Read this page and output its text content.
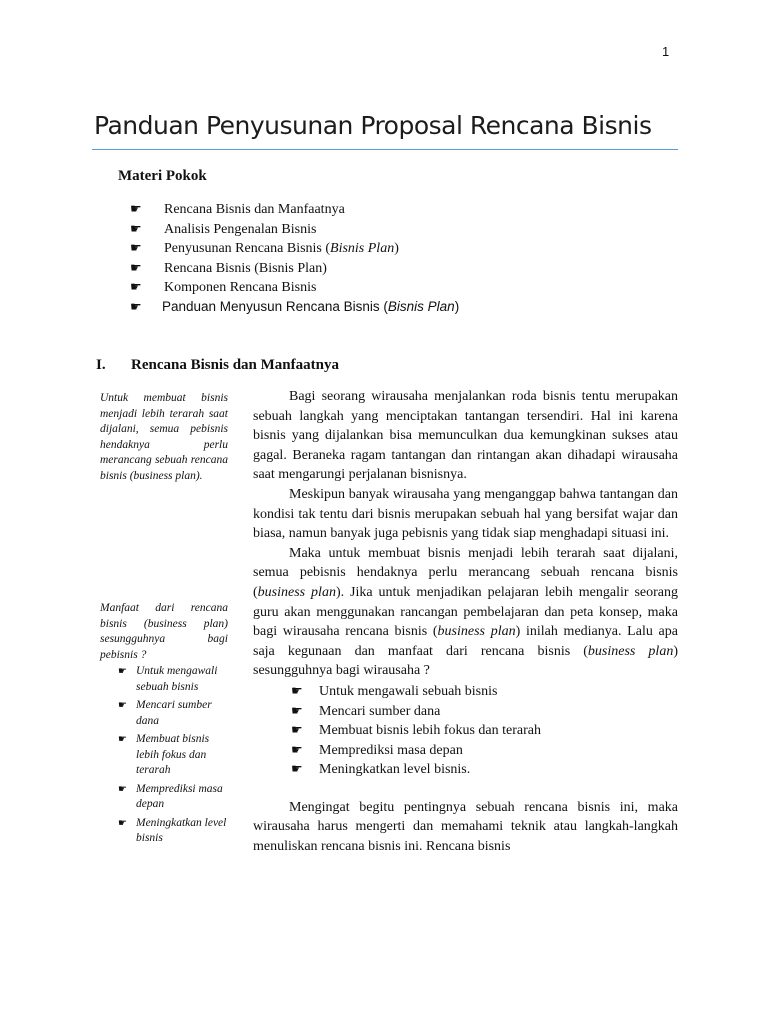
1
Panduan Penyusunan Proposal Rencana Bisnis
Materi Pokok
☛ Rencana Bisnis dan Manfaatnya
☛ Analisis Pengenalan Bisnis
☛ Penyusunan Rencana Bisnis (Bisnis Plan)
☛ Rencana Bisnis (Bisnis Plan)
☛ Komponen Rencana Bisnis
☛ Panduan Menyusun Rencana Bisnis (Bisnis Plan)
I. Rencana Bisnis dan Manfaatnya
Untuk membuat bisnis menjadi lebih terarah saat dijalani, semua pebisnis hendaknya perlu merancang sebuah rencana bisnis (business plan).
Manfaat dari rencana bisnis (business plan) sesungguhnya bagi pebisnis ?
☛ Untuk mengawali sebuah bisnis
☛ Mencari sumber dana
☛ Membuat bisnis lebih fokus dan terarah
☛ Memprediksi masa depan
☛ Meningkatkan level bisnis

Bagi seorang wirausaha menjalankan roda bisnis tentu merupakan sebuah langkah yang menciptakan tantangan tersendiri. Hal ini karena bisnis yang dijalankan bisa memunculkan dua kemungkinan sukses atau gagal. Beraneka ragam tantangan dan rintangan akan dihadapi wirausaha saat mengarungi perjalanan bisnisnya.

Meskipun banyak wirausaha yang menganggap bahwa tantangan dan kondisi tak tentu dari bisnis merupakan sebuah hal yang bersifat wajar dan biasa, namun banyak juga pebisnis yang tidak siap menghadapi situasi ini.

Maka untuk membuat bisnis menjadi lebih terarah saat dijalani, semua pebisnis hendaknya perlu merancang sebuah rencana bisnis (business plan). Jika untuk menjadikan pelajaran lebih mengalir seorang guru akan menggunakan rancangan pembelajaran dan peta konsep, maka bagi wirausaha rencana bisnis (business plan) inilah medianya. Lalu apa saja kegunaan dan manfaat dari rencana bisnis (business plan) sesungguhnya bagi wirausaha ?

☛ Untuk mengawali sebuah bisnis
☛ Mencari sumber dana
☛ Membuat bisnis lebih fokus dan terarah
☛ Memprediksi masa depan
☛ Meningkatkan level bisnis.

Mengingat begitu pentingnya sebuah rencana bisnis ini, maka wirausaha harus mengerti dan memahami teknik atau langkah-langkah menuliskan rencana bisnis ini. Rencana bisnis
